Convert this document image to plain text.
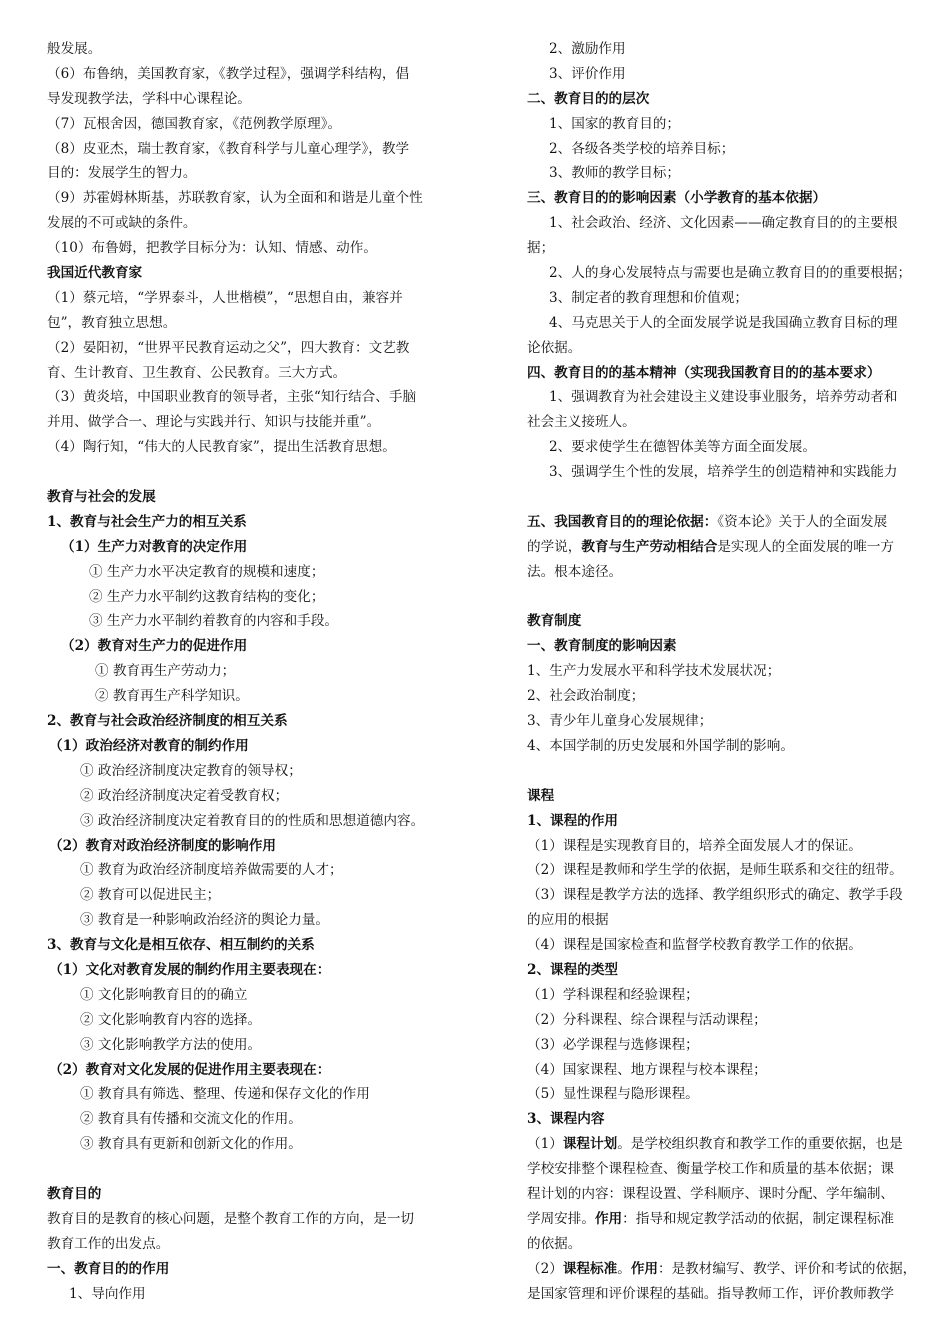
般发展。
（6）布鲁纳，美国教育家，《教学过程》，强调学科结构，倡
导发现教学法，学科中心课程论。
（7）瓦根舍因，德国教育家，《范例教学原理》。
（8）皮亚杰，瑞士教育家，《教育科学与儿童心理学》，教学
目的：发展学生的智力。
（9）苏霍姆林斯基，苏联教育家，认为全面和和谐是儿童个性
发展的不可或缺的条件。
（10）布鲁姆，把教学目标分为：认知、情感、动作。
我国近代教育家
（1）蔡元培，“学界泰斗，人世楷模”，“思想自由，兼容并
包”，教育独立思想。
（2）晏阳初，“世界平民教育运动之父”，四大教育：文艺教
育、生计教育、卫生教育、公民教育。三大方式。
（3）黄炎培，中国职业教育的领导者，主张“知行结合、手脑
并用、做学合一、理论与实践并行、知识与技能并重”。
（4）陶行知，“伟大的人民教育家”，提出生活教育思想。
教育与社会的发展
1、教育与社会生产力的相互关系
（1）生产力对教育的决定作用
① 生产力水平决定教育的规模和速度；
② 生产力水平制约这教育结构的变化；
③ 生产力水平制约着教育的内容和手段。
（2）教育对生产力的促进作用
① 教育再生产劳动力；
② 教育再生产科学知识。
2、教育与社会政治经济制度的相互关系
（1）政治经济对教育的制约作用
① 政治经济制度决定教育的领导权；
② 政治经济制度决定着受教育权；
③ 政治经济制度决定着教育目的的性质和思想道德内容。
（2）教育对政治经济制度的影响作用
① 教育为政治经济制度培养做需要的人才；
② 教育可以促进民主；
③ 教育是一种影响政治经济的舆论力量。
3、教育与文化是相互依存、相互制约的关系
（1）文化对教育发展的制约作用主要表现在：
① 文化影响教育目的的确立
② 文化影响教育内容的选择。
③ 文化影响教学方法的使用。
（2）教育对文化发展的促进作用主要表现在：
① 教育具有筛选、整理、传递和保存文化的作用
② 教育具有传播和交流文化的作用。
③ 教育具有更新和创新文化的作用。
教育目的
教育目的是教育的核心问题，是整个教育工作的方向，是一切
教育工作的出发点。
一、教育目的的作用
1、导向作用
2、激励作用
3、评价作用
二、教育目的的层次
1、国家的教育目的；
2、各级各类学校的培养目标；
3、教师的教学目标；
三、教育目的的影响因素（小学教育的基本依据）
1、社会政治、经济、文化因素——确定教育目的的主要根
据；
2、人的身心发展特点与需要也是确立教育目的的重要根据；
3、制定者的教育理想和价值观；
4、马克思关于人的全面发展学说是我国确立教育目标的理
论依据。
四、教育目的的基本精神（实现我国教育目的的基本要求）
1、强调教育为社会建设主义建设事业服务，培养劳动者和
社会主义接班人。
2、要求使学生在德智体美等方面全面发展。
3、强调学生个性的发展，培养学生的创造精神和实践能力
五、我国教育目的的理论依据：《资本论》关于人的全面发展
的学说，教育与生产劳动相结合是实现人的全面发展的唯一方
法。根本途径。
教育制度
一、教育制度的影响因素
1、生产力发展水平和科学技术发展状况；
2、社会政治制度；
3、青少年儿童身心发展规律；
4、本国学制的历史发展和外国学制的影响。
课程
1、课程的作用
（1）课程是实现教育目的，培养全面发展人才的保证。
（2）课程是教师和学生学的依据，是师生联系和交往的纽带。
（3）课程是教学方法的选择、教学组织形式的确定、教学手段
的应用的根据
（4）课程是国家检查和监督学校教育教学工作的依据。
2、课程的类型
（1）学科课程和经验课程；
（2）分科课程、综合课程与活动课程；
（3）必学课程与选修课程；
（4）国家课程、地方课程与校本课程；
（5）显性课程与隐形课程。
3、课程内容
（1）课程计划。是学校组织教育和教学工作的重要依据，也是
学校安排整个课程检查、衡量学校工作和质量的基本依据；课
程计划的内容：课程设置、学科顺序、课时分配、学年编制、
学周安排。作用：指导和规定教学活动的依据，制定课程标准
的依据。
（2）课程标准。作用：是教材编写、教学、评价和考试的依据，
是国家管理和评价课程的基础。指导教师工作，评价教师教学
